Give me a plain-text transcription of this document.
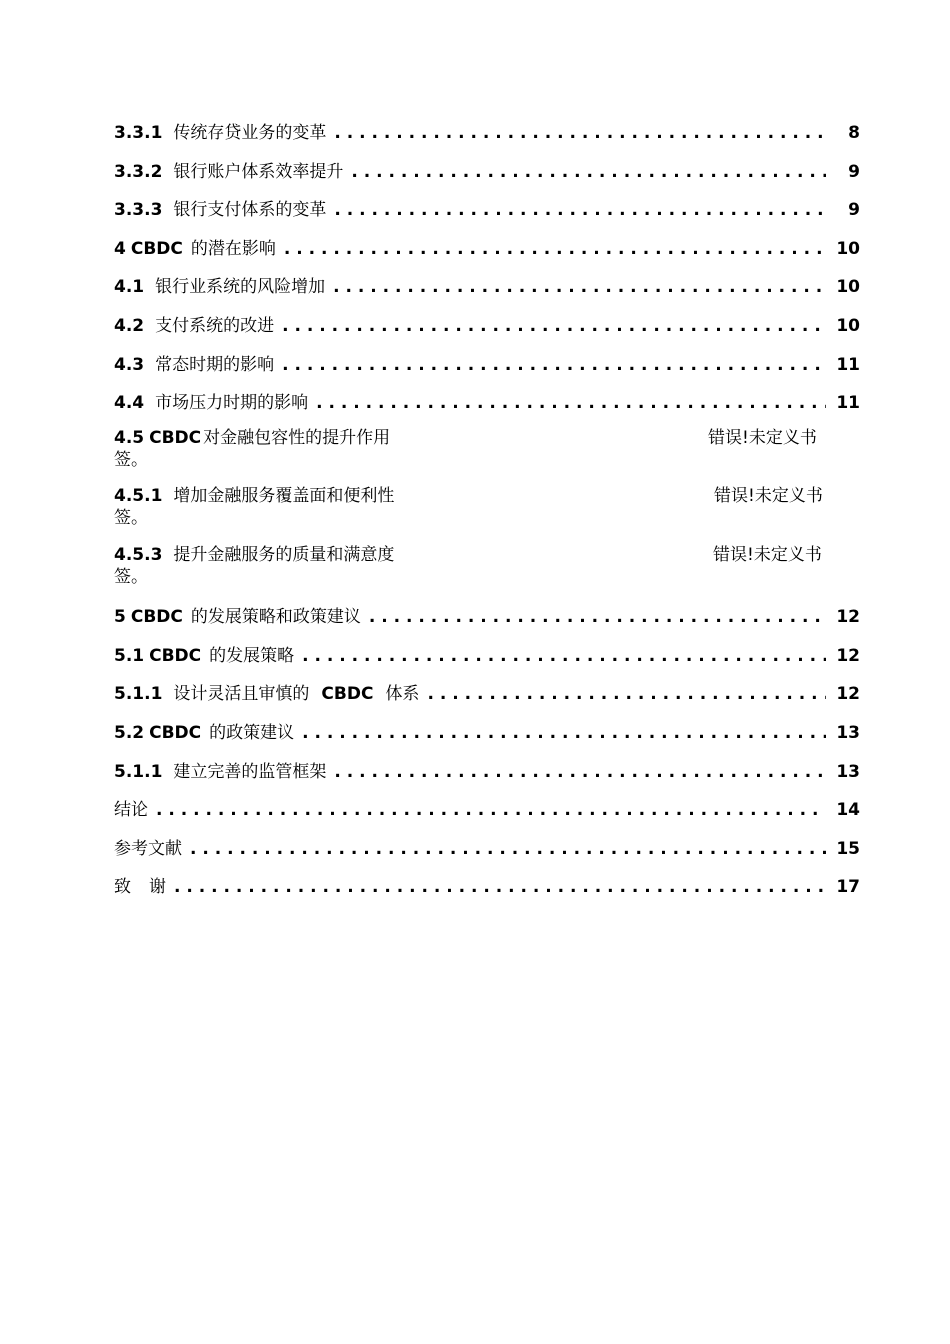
3.3.1 传统存贷业务的变革 . . .	8
3.3.2 银行账户体系效率提升 . . .	9
3.3.3 银行支付体系的变革 . . .	9
4 CBDC 的潜在影响 . . .	10
4.1 银行业系统的风险增加 . . .	10
4.2 支付系统的改进 . . .	10
4.3 常态时期的影响 . . .	11
4.4 市场压力时期的影响 . . .	11
4.5 CBDC 对金融包容性的提升作用	错误!未定义书
签。
4.5.1 增加金融服务覆盖面和便利性	错误!未定义书
签。
4.5.3 提升金融服务的质量和满意度	错误!未定义书
签。
5 CBDC 的发展策略和政策建议 . . .	12
5.1 CBDC 的发展策略 . . .	12
5.1.1 设计灵活且审慎的 CBDC 体系 . . .	12
5.2 CBDC 的政策建议 . . .	13
5.1.1 建立完善的监管框架 . . .	13
结论 . . .	14
参考文献 . . .	15
致 谢 . . .	17
